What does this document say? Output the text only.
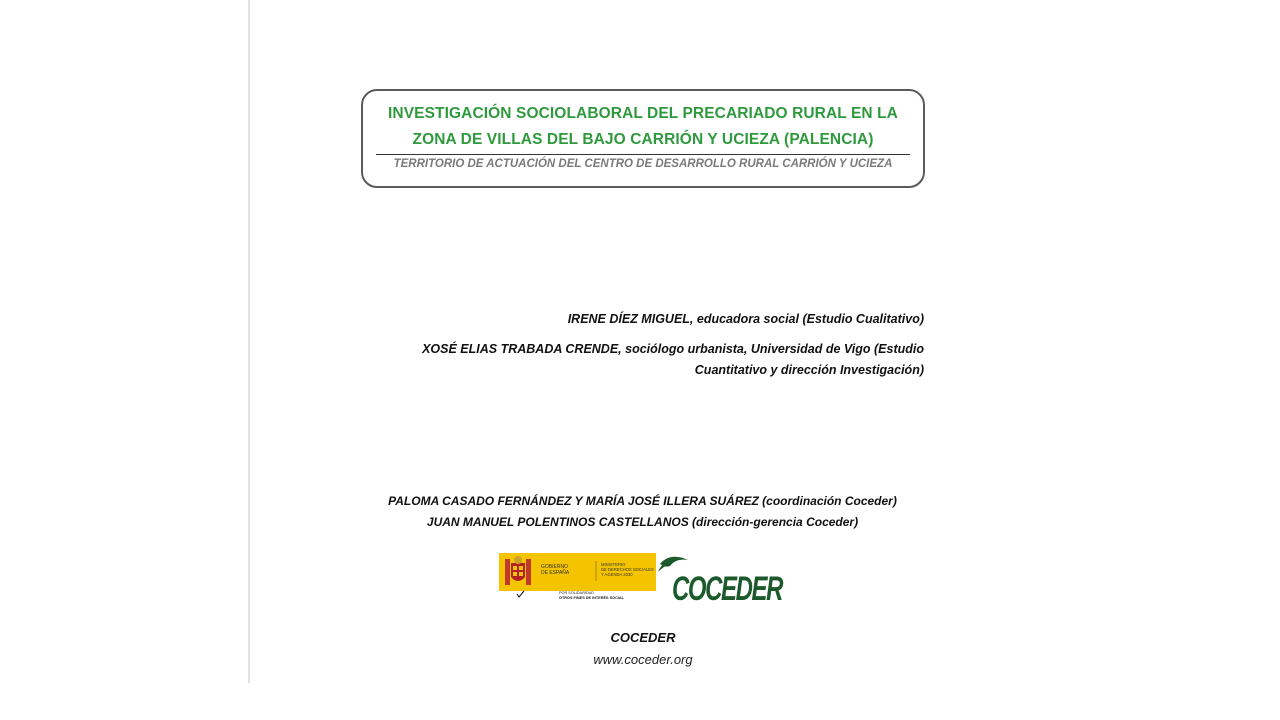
INVESTIGACIÓN SOCIOLABORAL DEL PRECARIADO RURAL EN LA
ZONA DE VILLAS DEL BAJO CARRIÓN Y UCIEZA (PALENCIA)
TERRITORIO DE ACTUACIÓN DEL CENTRO DE DESARROLLO RURAL CARRIÓN Y UCIEZA
IRENE DÍEZ MIGUEL, educadora social (Estudio Cualitativo)
XOSÉ ELIAS TRABADA CRENDE, sociólogo urbanista, Universidad de Vigo (Estudio
Cuantitativo y dirección Investigación)
PALOMA CASADO FERNÁNDEZ Y MARÍA JOSÉ ILLERA SUÁREZ (coordinación Coceder)
JUAN MANUEL POLENTINOS CASTELLANOS (dirección-gerencia Coceder)
GOBIERNO
DE ESPAÑA
MINISTERIO
DE DERECHOS SOCIALES
Y AGENDA 2030
POR SOLIDARIDAD
OTROS FINES DE INTERÉS SOCIAL COCEDER
COCEDER
www.coceder.org
